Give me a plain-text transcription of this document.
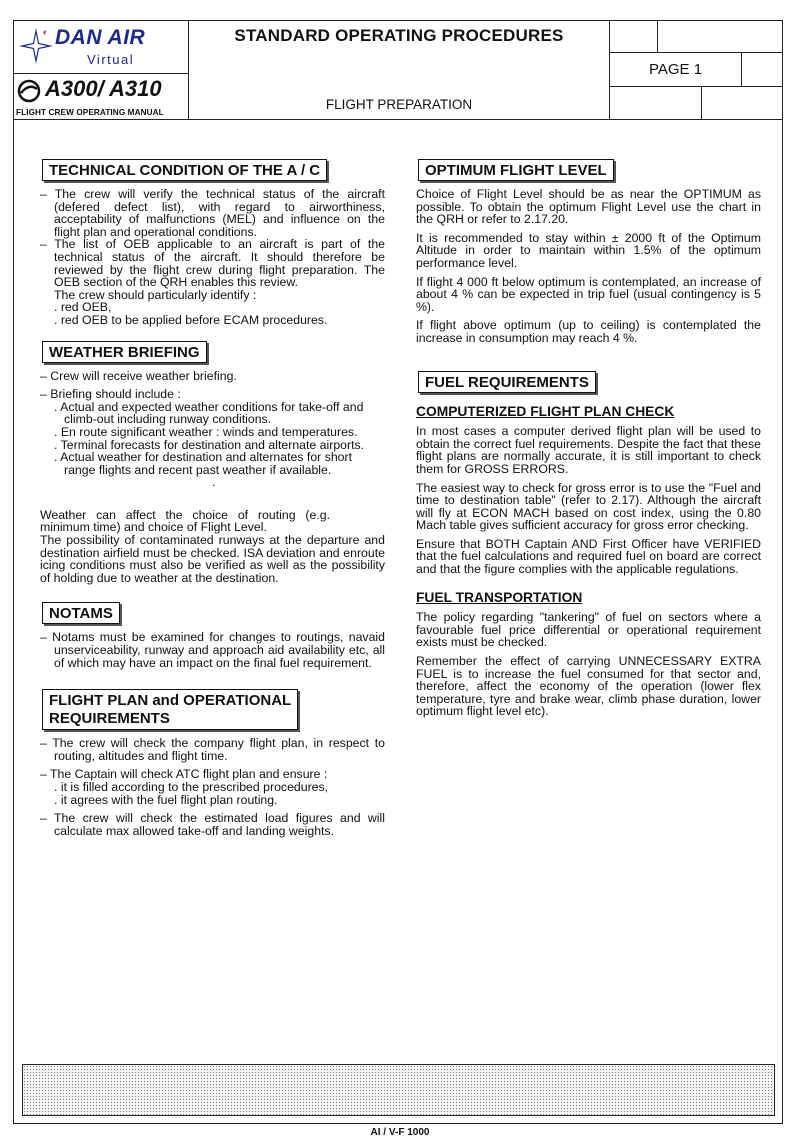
DAN AIR
Virtual
A300/ A310
FLIGHT CREW OPERATING MANUAL
STANDARD OPERATING PROCEDURES
FLIGHT PREPARATION
PAGE 1
TECHNICAL CONDITION OF THE A / C

– The crew will verify the technical status of the aircraft (defered defect list), with regard to airworthiness, acceptability of malfunctions (MEL) and influence on the flight plan and operational conditions.

– The list of OEB applicable to an aircraft is part of the technical status of the aircraft. It should therefore be reviewed by the flight crew during flight preparation. The OEB section of the QRH enables this review.

The crew should particularly identify :

. red OEB,

. red OEB to be applied before ECAM procedures.

WEATHER BRIEFING

– Crew will receive weather briefing.

– Briefing should include :

. Actual and expected weather conditions for take-off and climb-out including runway conditions.

. En route significant weather : winds and temperatures.

. Terminal forecasts for destination and alternate airports.

. Actual weather for destination and alternates for short range flights and recent past weather if available.

.

Weather can affect the choice of routing (e.g. minimum time) and choice of Flight Level.

The possibility of contaminated runways at the departure and destination airfield must be checked. ISA deviation and enroute icing conditions must also be verified as well as the possibility of holding due to weather at the destination.

NOTAMS

– Notams must be examined for changes to routings, navaid unserviceability, runway and approach aid availability etc, all of which may have an impact on the final fuel requirement.

FLIGHT PLAN and OPERATIONAL
REQUIREMENTS

– The crew will check the company flight plan, in respect to routing, altitudes and flight time.

– The Captain will check ATC flight plan and ensure :

. it is filled according to the prescribed procedures,

. it agrees with the fuel flight plan routing.

– The crew will check the estimated load figures and will calculate max allowed take-off and landing weights.

OPTIMUM FLIGHT LEVEL

Choice of Flight Level should be as near the OPTIMUM as possible. To obtain the optimum Flight Level use the chart in the QRH or refer to 2.17.20.

It is recommended to stay within ± 2000 ft of the Optimum Altitude in order to maintain within 1.5% of the optimum performance level.

If flight 4 000 ft below optimum is contemplated, an increase of about 4 % can be expected in trip fuel (usual contingency is 5 %).

If flight above optimum (up to ceiling) is contemplated the increase in consumption may reach 4 %.

FUEL REQUIREMENTS
COMPUTERIZED FLIGHT PLAN CHECK

In most cases a computer derived flight plan will be used to obtain the correct fuel requirements. Despite the fact that these flight plans are normally accurate, it is still important to check them for GROSS ERRORS.

The easiest way to check for gross error is to use the "Fuel and time to destination table" (refer to 2.17). Although the aircraft will fly at ECON MACH based on cost index, using the 0.80 Mach table gives sufficient accuracy for gross error checking.

Ensure that BOTH Captain AND First Officer have VERIFIED that the fuel calculations and required fuel on board are correct and that the figure complies with the applicable regulations.

FUEL TRANSPORTATION

The policy regarding "tankering" of fuel on sectors where a favourable fuel price differential or operational requirement exists must be checked.

Remember the effect of carrying UNNECESSARY EXTRA FUEL is to increase the fuel consumed for that sector and, therefore, affect the economy of the operation (lower flex temperature, tyre and brake wear, climb phase duration, lower optimum flight level etc).

AI / V-F 1000
